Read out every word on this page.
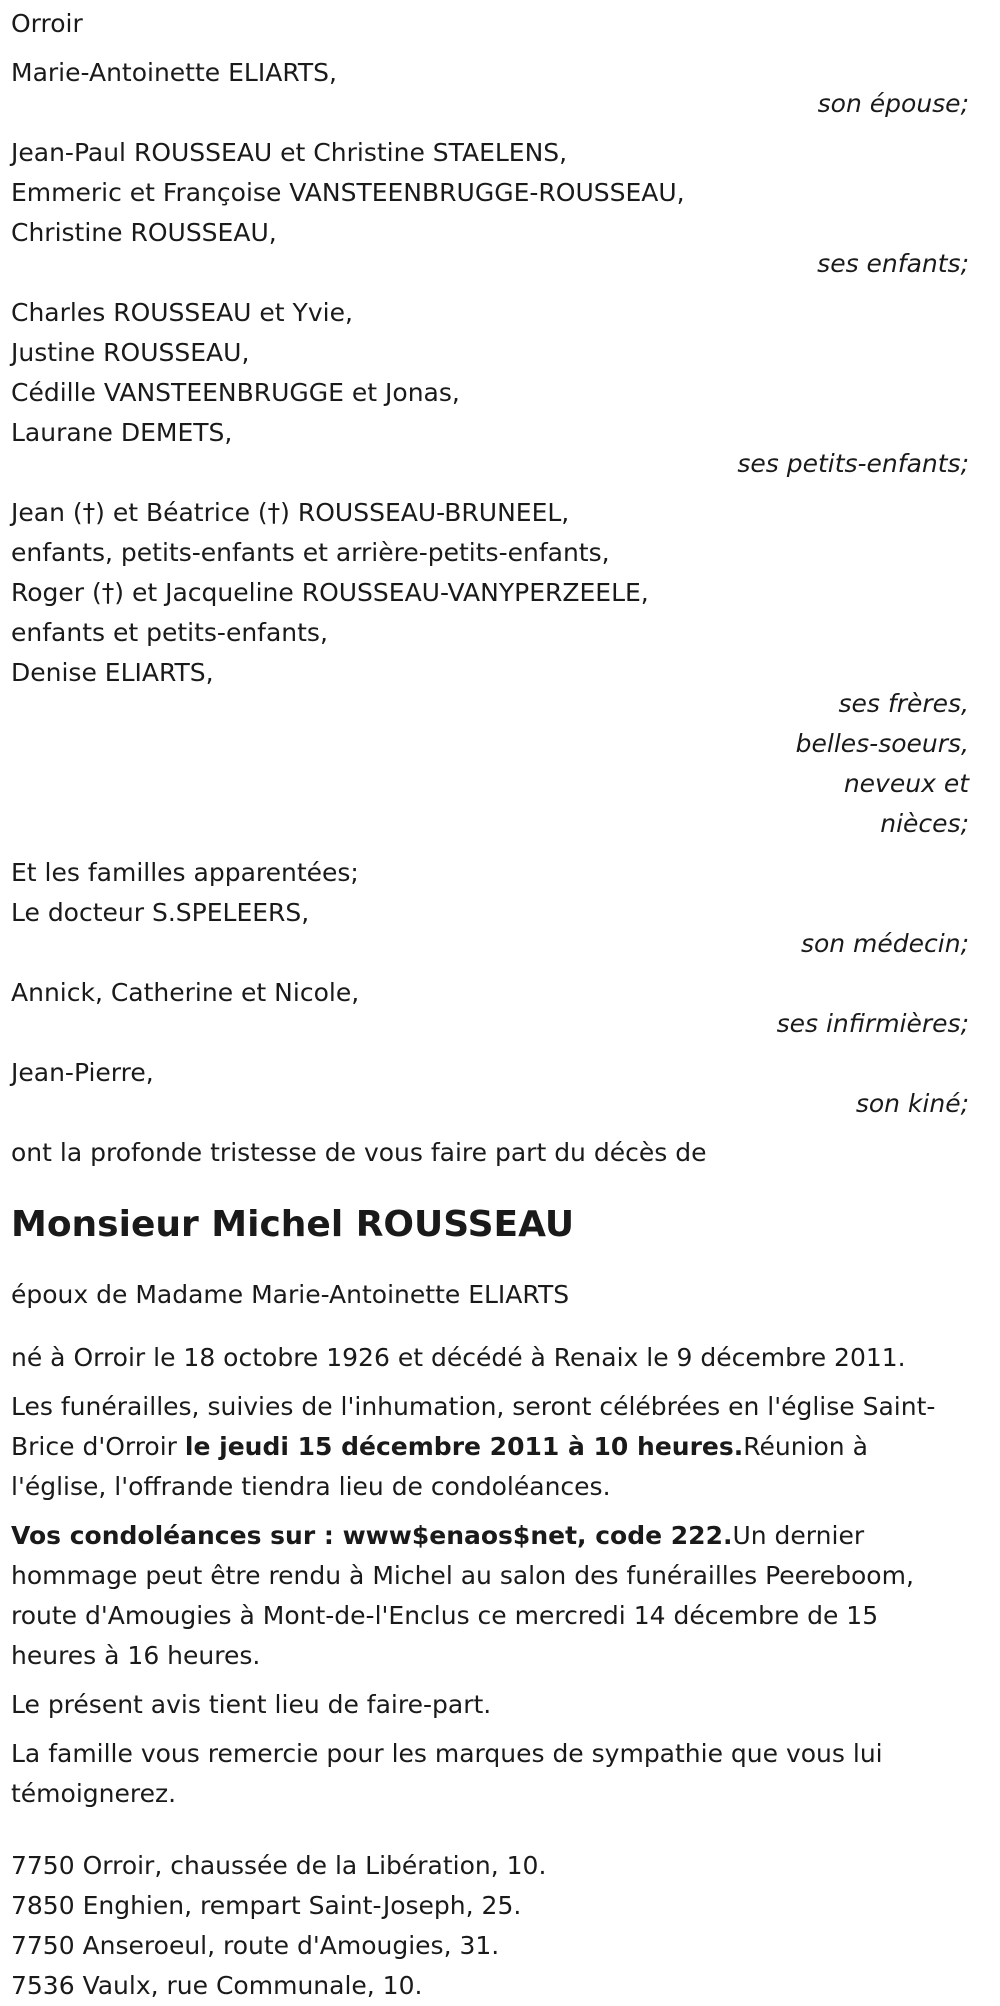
Orroir
Marie-Antoinette ELIARTS,
son épouse;
Jean-Paul ROUSSEAU et Christine STAELENS,
Emmeric et Françoise VANSTEENBRUGGE-ROUSSEAU,
Christine ROUSSEAU,
ses enfants;
Charles ROUSSEAU et Yvie,
Justine ROUSSEAU,
Cédille VANSTEENBRUGGE et Jonas,
Laurane DEMETS,
ses petits-enfants;
Jean (†) et Béatrice (†) ROUSSEAU-BRUNEEL,
enfants, petits-enfants et arrière-petits-enfants,
Roger (†) et Jacqueline ROUSSEAU-VANYPERZEELE,
enfants et petits-enfants,
Denise ELIARTS,
ses frères, belles-soeurs, neveux et nièces;
Et les familles apparentées;
Le docteur S.SPELEERS,
son médecin;
Annick, Catherine et Nicole,
ses infirmières;
Jean-Pierre,
son kiné;
ont la profonde tristesse de vous faire part du décès de
Monsieur Michel ROUSSEAU
époux de Madame Marie-Antoinette ELIARTS
né à Orroir le 18 octobre 1926 et décédé à Renaix le 9 décembre 2011.
Les funérailles, suivies de l'inhumation, seront célébrées en l'église Saint-Brice d'Orroir le jeudi 15 décembre 2011 à 10 heures.Réunion à l'église, l'offrande tiendra lieu de condoléances.
Vos condoléances sur : www$enaos$net, code 222.Un dernier hommage peut être rendu à Michel au salon des funérailles Peereboom, route d'Amougies à Mont-de-l'Enclus ce mercredi 14 décembre de 15 heures à 16 heures.
Le présent avis tient lieu de faire-part.
La famille vous remercie pour les marques de sympathie que vous lui témoignerez.
7750 Orroir, chaussée de la Libération, 10.
7850 Enghien, rempart Saint-Joseph, 25.
7750 Anseroeul, route d'Amougies, 31.
7536 Vaulx, rue Communale, 10.
